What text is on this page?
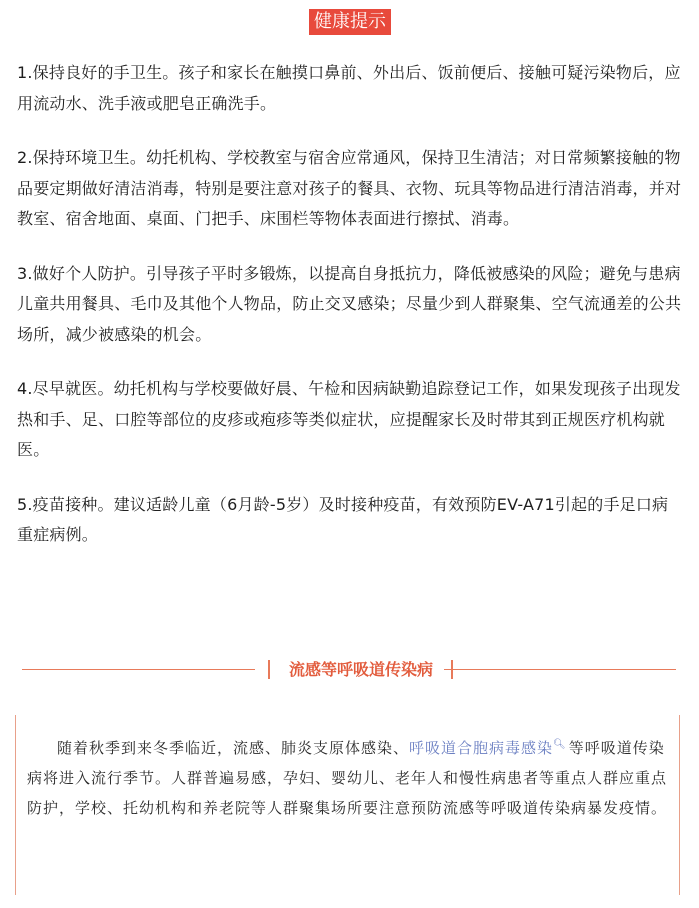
健康提示

1.保持良好的手卫生。孩子和家长在触摸口鼻前、外出后、饭前便后、接触可疑污染物后，应用流动水、洗手液或肥皂正确洗手。

2.保持环境卫生。幼托机构、学校教室与宿舍应常通风，保持卫生清洁；对日常频繁接触的物品要定期做好清洁消毒，特别是要注意对孩子的餐具、衣物、玩具等物品进行清洁消毒，并对教室、宿舍地面、桌面、门把手、床围栏等物体表面进行擦拭、消毒。

3.做好个人防护。引导孩子平时多锻炼，以提高自身抵抗力，降低被感染的风险；避免与患病儿童共用餐具、毛巾及其他个人物品，防止交叉感染；尽量少到人群聚集、空气流通差的公共场所，减少被感染的机会。

4.尽早就医。幼托机构与学校要做好晨、午检和因病缺勤追踪登记工作，如果发现孩子出现发热和手、足、口腔等部位的皮疹或疱疹等类似症状，应提醒家长及时带其到正规医疗机构就医。

5.疫苗接种。建议适龄儿童（6月龄-5岁）及时接种疫苗，有效预防EV-A71引起的手足口病重症病例。

流感等呼吸道传染病
随着秋季到来冬季临近，流感、肺炎支原体感染、呼吸道合胞病毒感染🔍︎ 等呼吸道传染病将进入流行季节。人群普遍易感，孕妇、婴幼儿、老年人和慢性病患者等重点人群应重点防护，学校、托幼机构和养老院等人群聚集场所要注意预防流感等呼吸道传染病暴发疫情。
